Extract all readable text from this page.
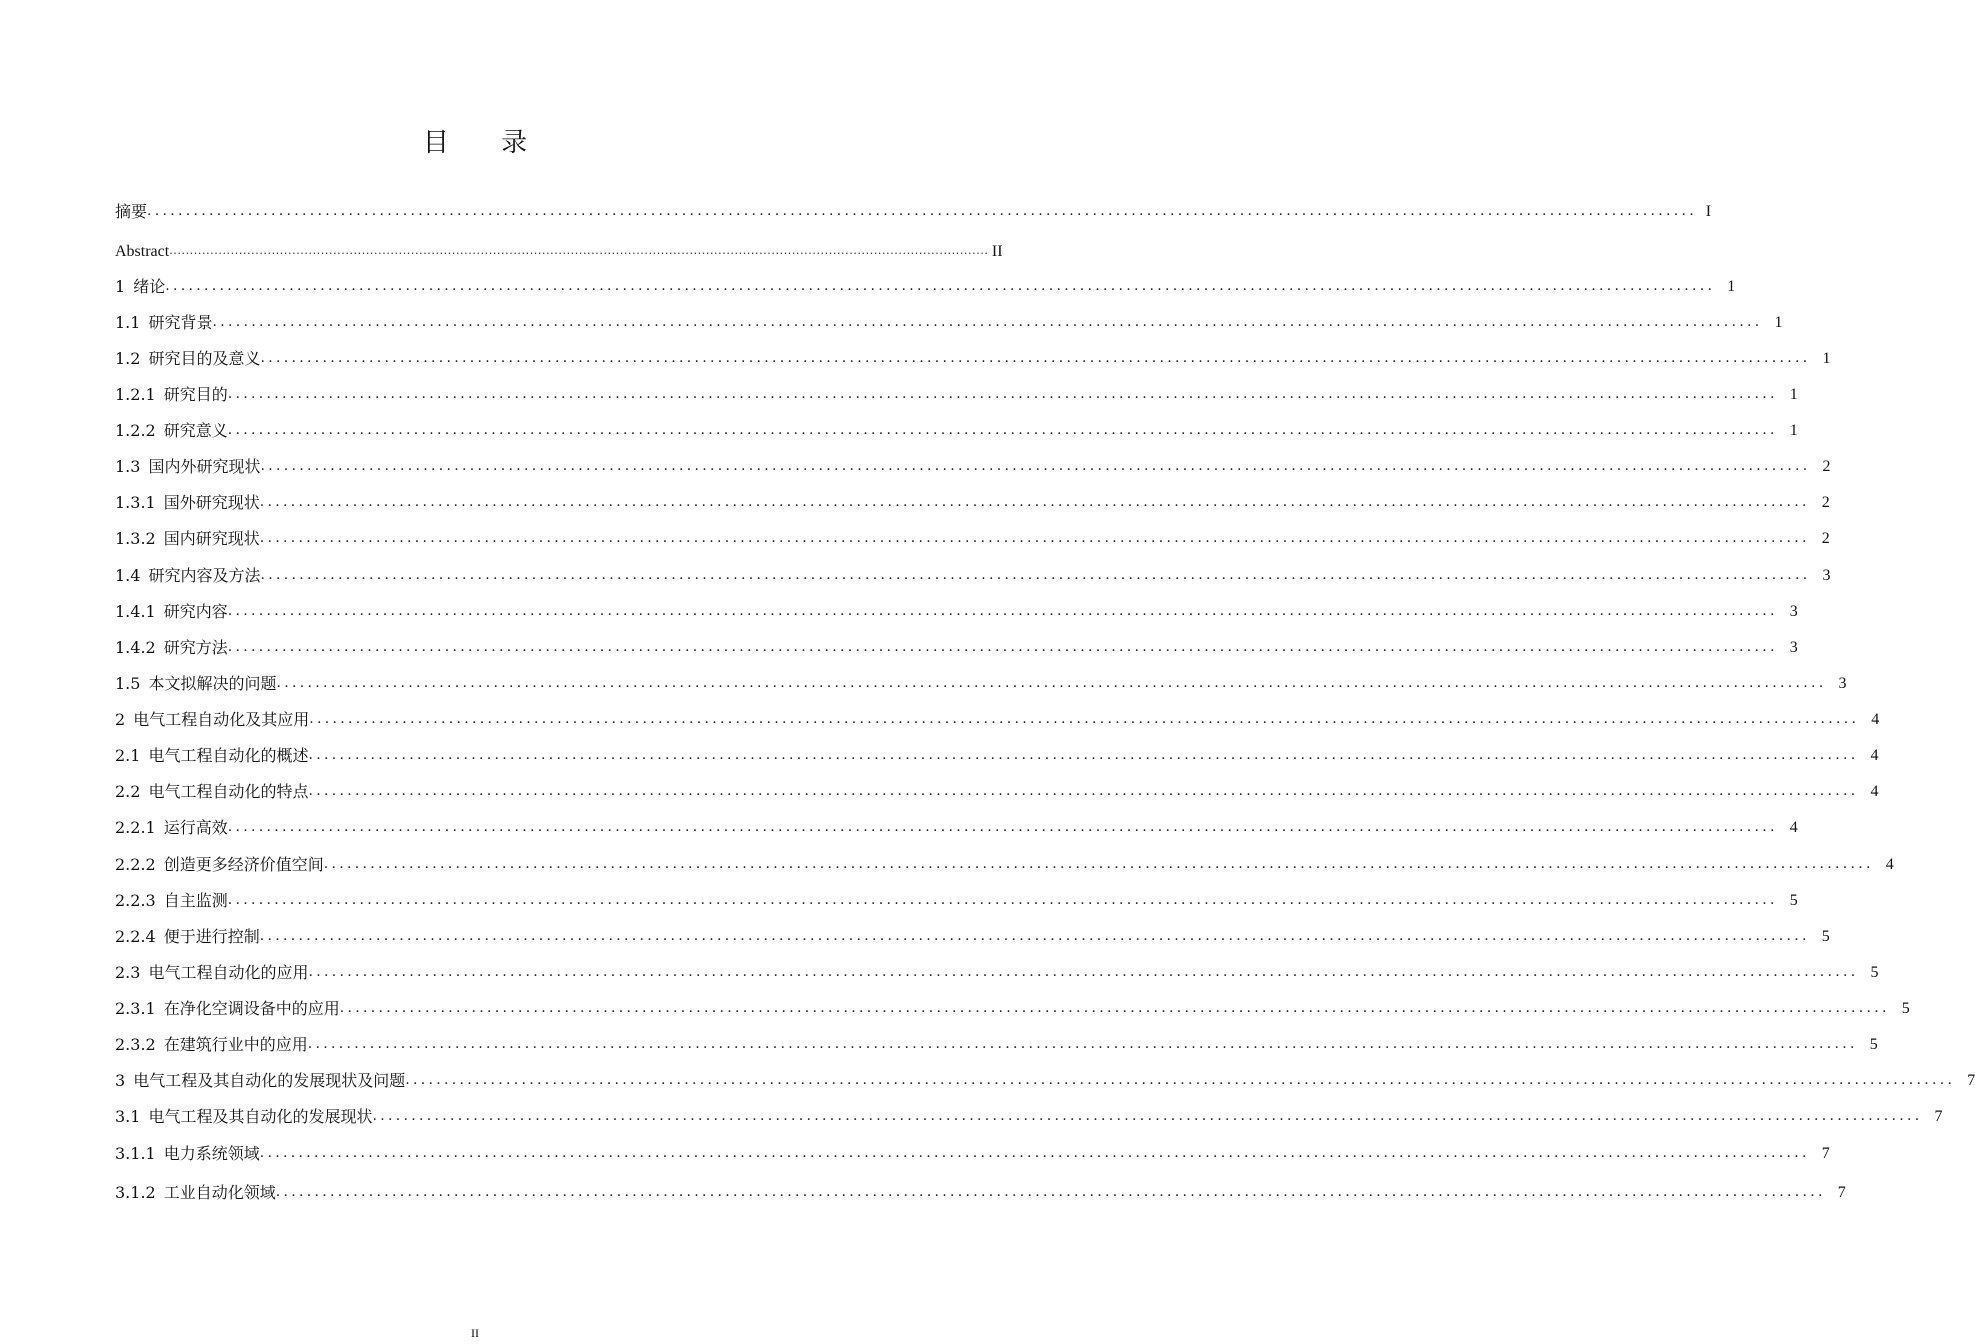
目 录
摘要 ........................................................................................................................................................................................................ I
Abstract ........................................................................................................................................................................................................ II
1 绪论 ........................................................................................................................................................................................................ 1
1.1 研究背景 ........................................................................................................................................................................................................ 1
1.2 研究目的及意义 ........................................................................................................................................................................................................ 1
1.2.1 研究目的 ........................................................................................................................................................................................................ 1
1.2.2 研究意义 ........................................................................................................................................................................................................ 1
1.3 国内外研究现状 ........................................................................................................................................................................................................ 2
1.3.1 国外研究现状 ........................................................................................................................................................................................................ 2
1.3.2 国内研究现状 ........................................................................................................................................................................................................ 2
1.4 研究内容及方法 ........................................................................................................................................................................................................ 3
1.4.1 研究内容 ........................................................................................................................................................................................................ 3
1.4.2 研究方法 ........................................................................................................................................................................................................ 3
1.5 本文拟解决的问题 ........................................................................................................................................................................................................ 3
2 电气工程自动化及其应用 ........................................................................................................................................................................................................ 4
2.1 电气工程自动化的概述 ........................................................................................................................................................................................................ 4
2.2 电气工程自动化的特点 ........................................................................................................................................................................................................ 4
2.2.1 运行高效 ........................................................................................................................................................................................................ 4
2.2.2 创造更多经济价值空间 ........................................................................................................................................................................................................ 4
2.2.3 自主监测 ........................................................................................................................................................................................................ 5
2.2.4 便于进行控制 ........................................................................................................................................................................................................ 5
2.3 电气工程自动化的应用 ........................................................................................................................................................................................................ 5
2.3.1 在净化空调设备中的应用 ........................................................................................................................................................................................................ 5
2.3.2 在建筑行业中的应用 ........................................................................................................................................................................................................ 5
3 电气工程及其自动化的发展现状及问题 ........................................................................................................................................................................................................ 7
3.1 电气工程及其自动化的发展现状 ........................................................................................................................................................................................................ 7
3.1.1 电力系统领域 ........................................................................................................................................................................................................ 7
3.1.2 工业自动化领域 ........................................................................................................................................................................................................ 7
II
